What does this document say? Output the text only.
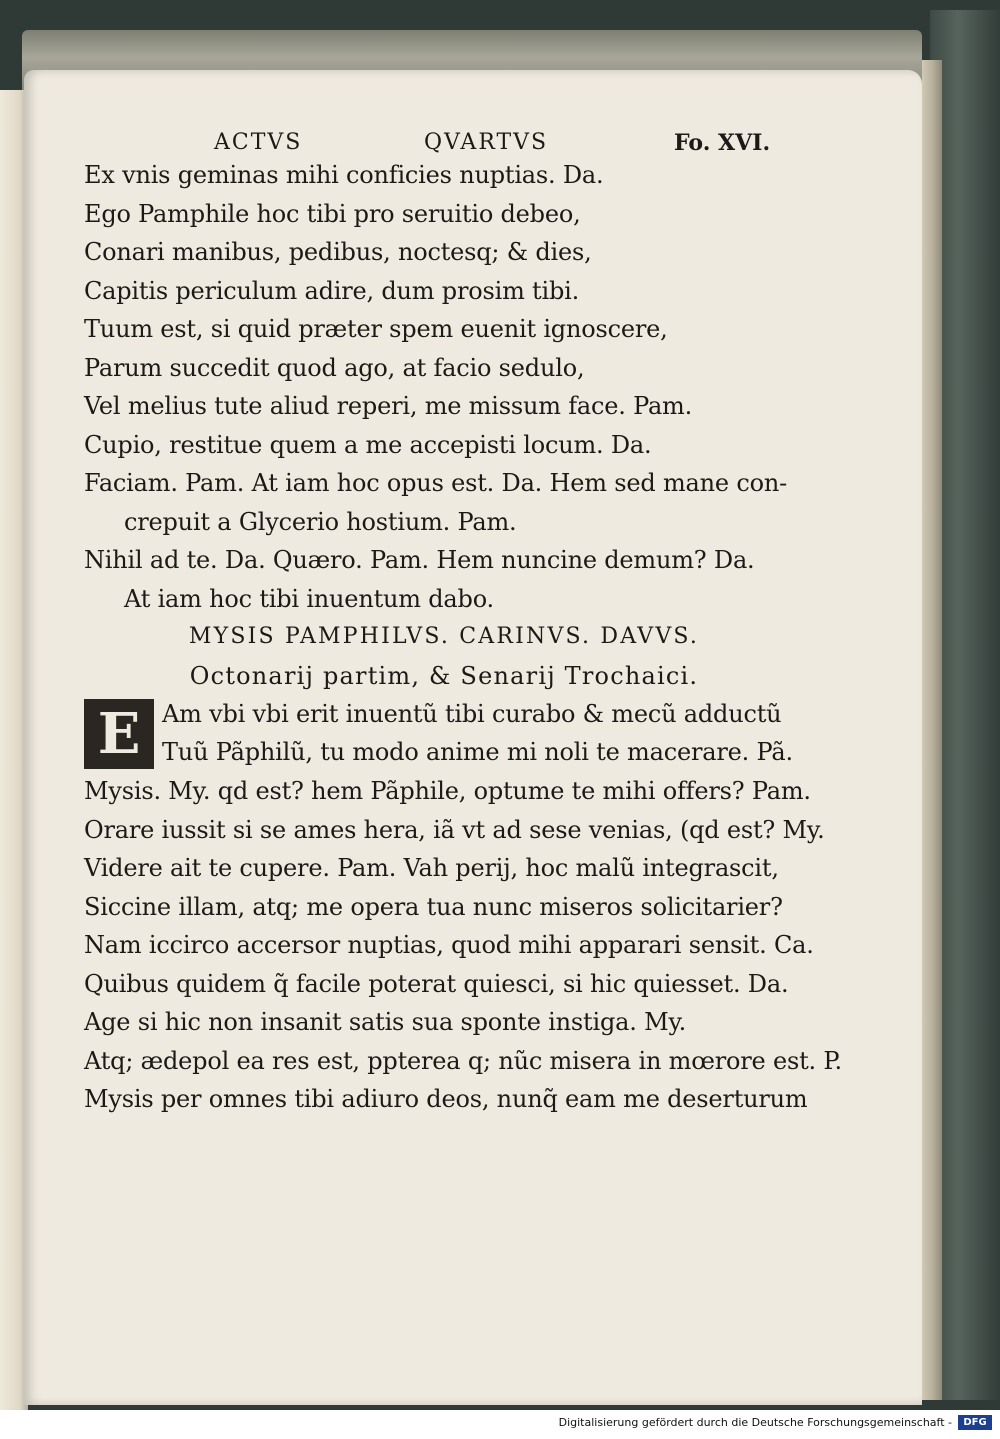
ACTVS	QVARTVS	Fo. XVI.
Ex vnis geminas mihi conficies nuptias. Da.
Ego Pamphile hoc tibi pro seruitio debeo,
Conari manibus, pedibus, noctesq; & dies,
Capitis periculum adire, dum prosim tibi.
Tuum est, si quid præter spem euenit ignoscere,
Parum succedit quod ago, at facio sedulo,
Vel melius tute aliud reperi, me missum face. Pam.
Cupio, restitue quem a me accepisti locum. Da.
Faciam. Pam. At iam hoc opus est. Da. Hem sed mane con-
crepuit a Glycerio hostium. Pam.
Nihil ad te. Da. Quæro. Pam. Hem nuncine demum? Da.
At iam hoc tibi inuentum dabo.
MYSIS PAMPHILVS. CARINVS. DAVVS.
Octonarij partim, & Senarij Trochaici.
E Am vbi vbi erit inuentũ tibi curabo & mecũ adductũ
Tuũ Pãphilũ, tu modo anime mi noli te macerare. Pã.
Mysis. My. qd est? hem Pãphile, optume te mihi offers? Pam.
Orare iussit si se ames hera, iã vt ad sese venias, (qd est? My.
Videre ait te cupere. Pam. Vah perij, hoc malũ integrascit,
Siccine illam, atq; me opera tua nunc miseros solicitarier?
Nam iccirco accersor nuptias, quod mihi apparari sensit. Ca.
Quibus quidem q̃ facile poterat quiesci, si hic quiesset. Da.
Age si hic non insanit satis sua sponte instiga. My.
Atq; ædepol ea res est, ppterea q; nũc misera in mœrore est. P.
Mysis per omnes tibi adiuro deos, nunq̃ eam me deserturum
Digitalisierung gefördert durch die Deutsche Forschungsgemeinschaft -	DFG
